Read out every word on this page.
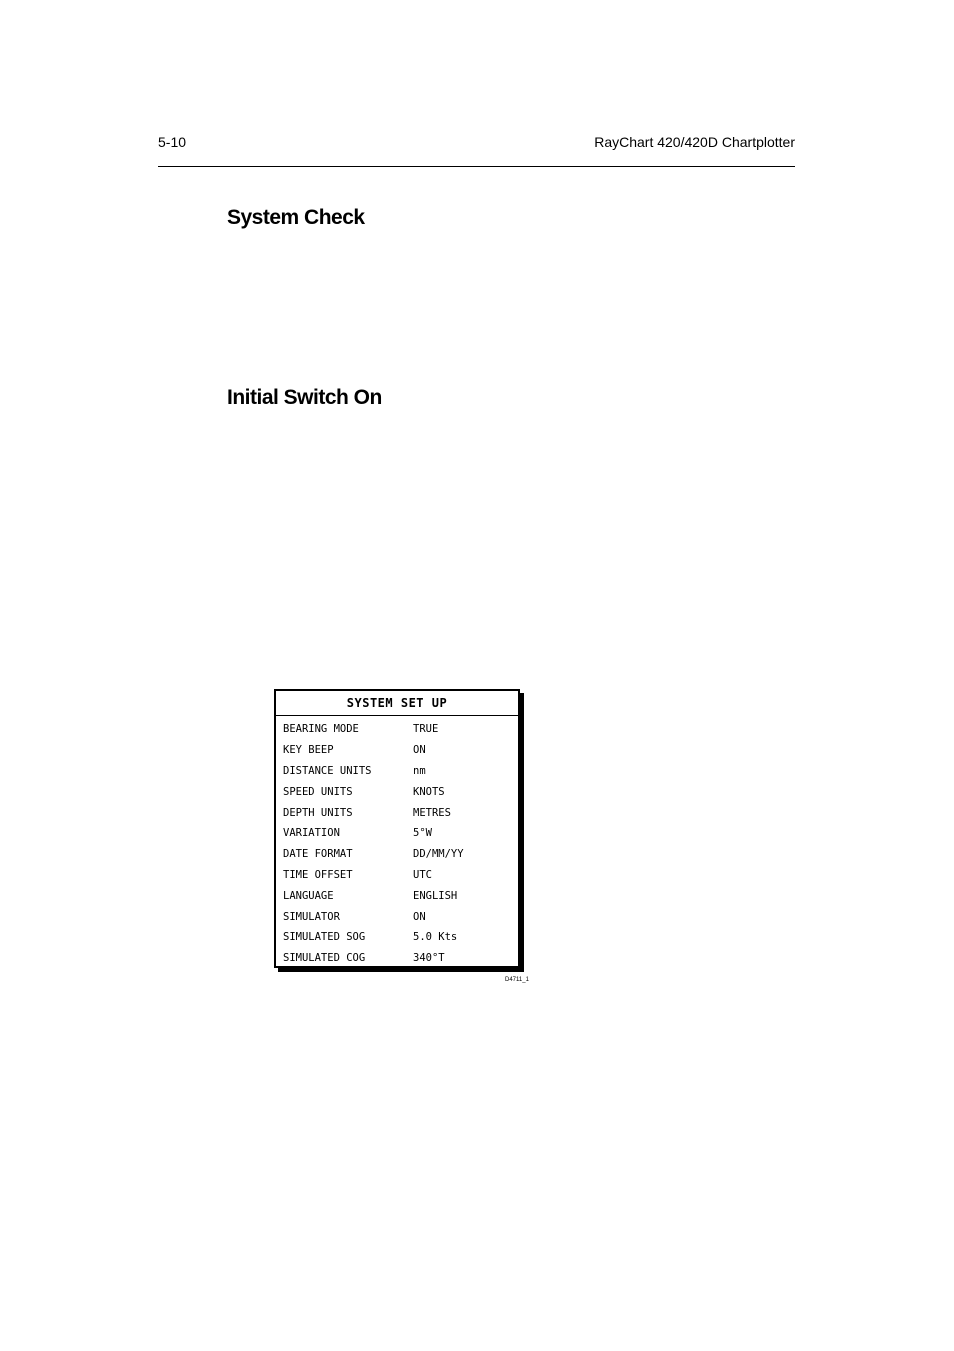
5-10	RayChart 420/420D Chartplotter
System Check
Initial Switch On
SYSTEM SET UP
BEARING MODE	TRUE
KEY BEEP	ON
DISTANCE UNITS	nm
SPEED UNITS	KNOTS
DEPTH UNITS	METRES
VARIATION	5°W
DATE FORMAT	DD/MM/YY
TIME OFFSET	UTC
LANGUAGE	ENGLISH
SIMULATOR	ON
SIMULATED SOG	5.0 Kts
SIMULATED COG	340°T
D4711_1
